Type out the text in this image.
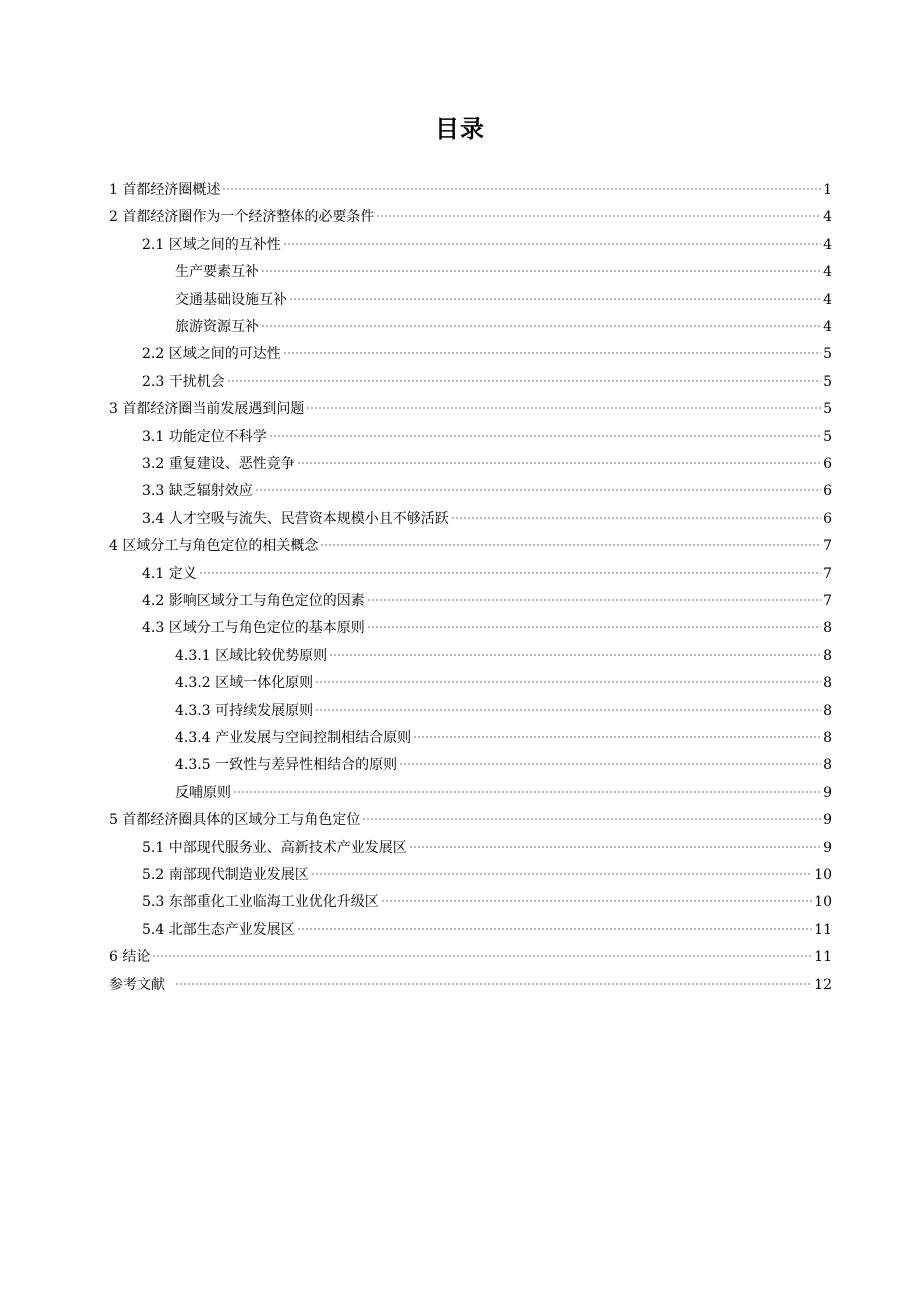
目录
1 首都经济圈概述	1
2 首都经济圈作为一个经济整体的必要条件	4
2.1 区域之间的互补性	4
生产要素互补	4
交通基础设施互补	4
旅游资源互补	4
2.2 区域之间的可达性	5
2.3 干扰机会	5
3 首都经济圈当前发展遇到问题	5
3.1 功能定位不科学	5
3.2 重复建设、恶性竞争	6
3.3 缺乏辐射效应	6
3.4 人才空吸与流失、民营资本规模小且不够活跃	6
4 区域分工与角色定位的相关概念	7
4.1 定义	7
4.2 影响区域分工与角色定位的因素	7
4.3 区域分工与角色定位的基本原则	8
4.3.1 区域比较优势原则	8
4.3.2 区域一体化原则	8
4.3.3 可持续发展原则	8
4.3.4 产业发展与空间控制相结合原则	8
4.3.5 一致性与差异性相结合的原则	8
反哺原则	9
5 首都经济圈具体的区域分工与角色定位	9
5.1 中部现代服务业、高新技术产业发展区	9
5.2 南部现代制造业发展区	10
5.3 东部重化工业临海工业优化升级区	10
5.4 北部生态产业发展区	11
6 结论	11
参考文献	12
